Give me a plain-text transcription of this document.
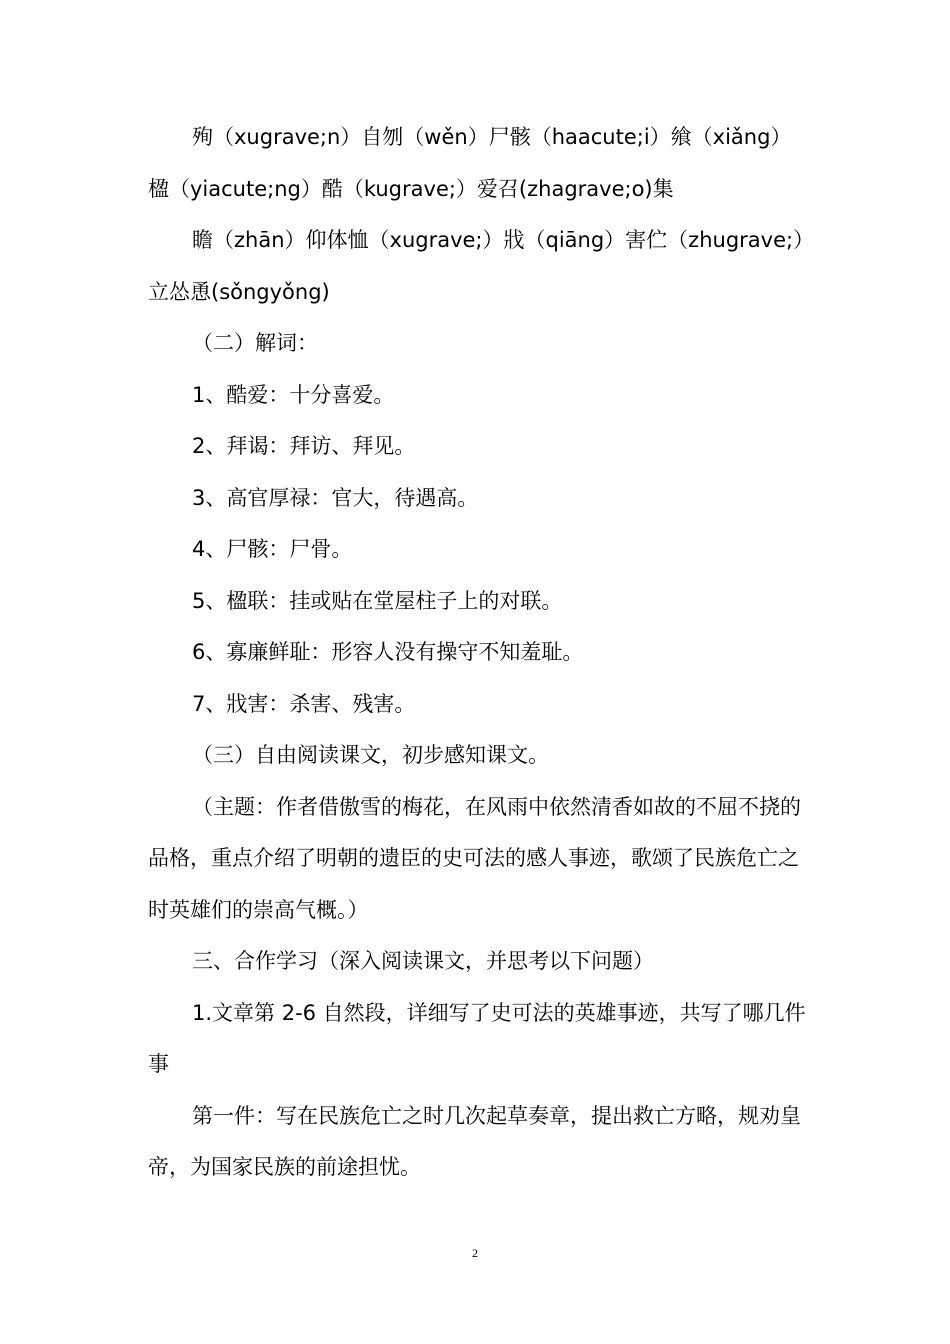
殉（xugrave;n）自刎（wěn）尸骸（haacute;i）飨（xiǎng）楹（yiacute;ng）酷（kugrave;）爱召(zhagrave;o)集

瞻（zhān）仰体恤（xugrave;）戕（qiāng）害伫（zhugrave;）立怂恿(sǒngyǒng)

（二）解词：

1、酷爱：十分喜爱。

2、拜谒：拜访、拜见。

3、高官厚禄：官大，待遇高。

4、尸骸：尸骨。

5、楹联：挂或贴在堂屋柱子上的对联。

6、寡廉鲜耻：形容人没有操守不知羞耻。

7、戕害：杀害、残害。

（三）自由阅读课文，初步感知课文。

（主题：作者借傲雪的梅花，在风雨中依然清香如故的不屈不挠的品格，重点介绍了明朝的遗臣的史可法的感人事迹，歌颂了民族危亡之时英雄们的崇高气概。）

三、合作学习（深入阅读课文，并思考以下问题）

1.文章第 2-6 自然段，详细写了史可法的英雄事迹，共写了哪几件事

第一件：写在民族危亡之时几次起草奏章，提出救亡方略，规劝皇帝，为国家民族的前途担忧。

2
